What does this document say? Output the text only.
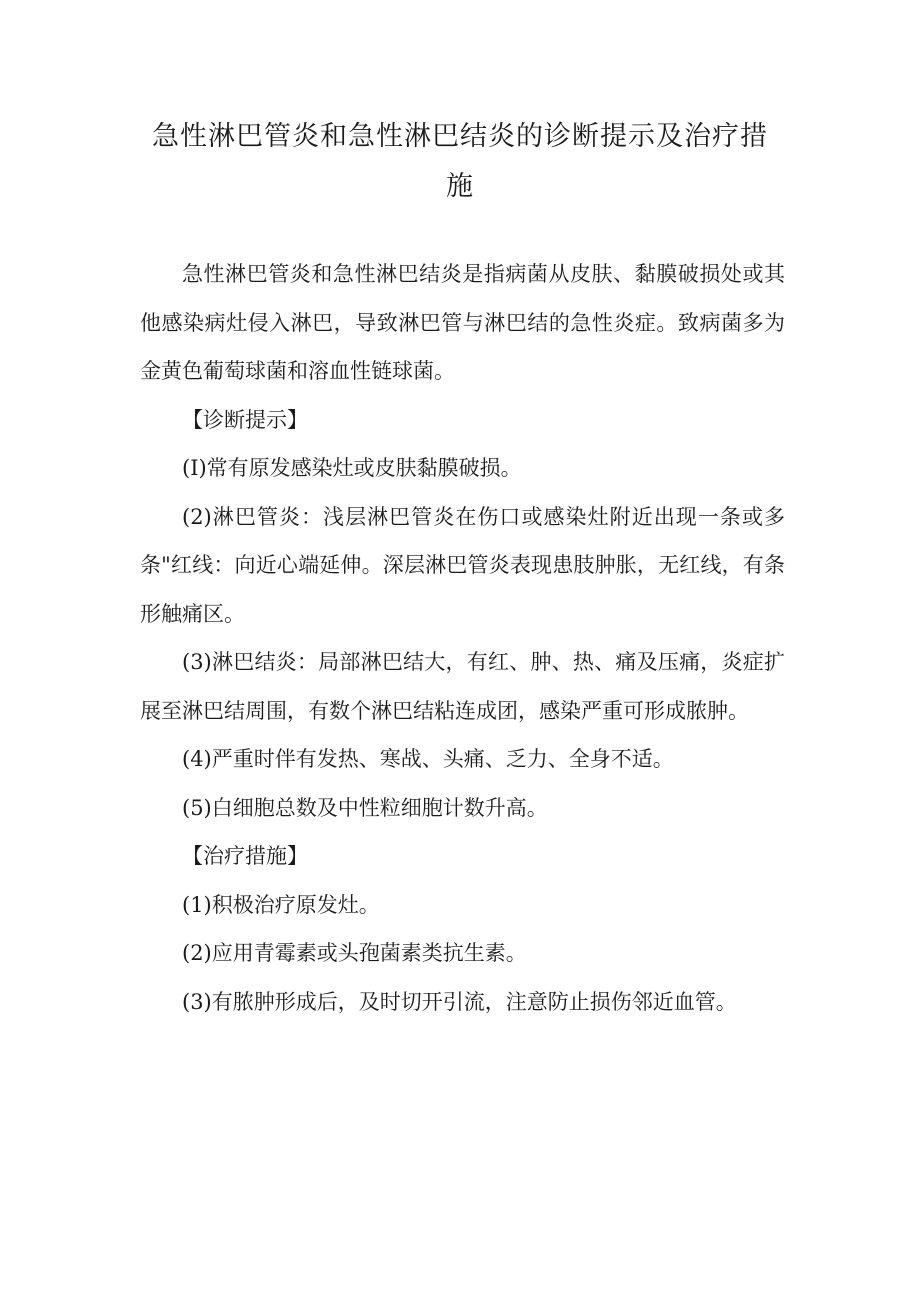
急性淋巴管炎和急性淋巴结炎的诊断提示及治疗措
施

急性淋巴管炎和急性淋巴结炎是指病菌从皮肤、黏膜破损处或其他感染病灶侵入淋巴，导致淋巴管与淋巴结的急性炎症。致病菌多为金黄色葡萄球菌和溶血性链球菌。

【诊断提示】

(I)常有原发感染灶或皮肤黏膜破损。

(2)淋巴管炎：浅层淋巴管炎在伤口或感染灶附近出现一条或多条"红线：向近心端延伸。深层淋巴管炎表现患肢肿胀，无红线，有条形触痛区。

(3)淋巴结炎：局部淋巴结大，有红、肿、热、痛及压痛，炎症扩展至淋巴结周围，有数个淋巴结粘连成团，感染严重可形成脓肿。

(4)严重时伴有发热、寒战、头痛、乏力、全身不适。

(5)白细胞总数及中性粒细胞计数升高。

【治疗措施】

(1)积极治疗原发灶。

(2)应用青霉素或头孢菌素类抗生素。

(3)有脓肿形成后，及时切开引流，注意防止损伤邻近血管。
